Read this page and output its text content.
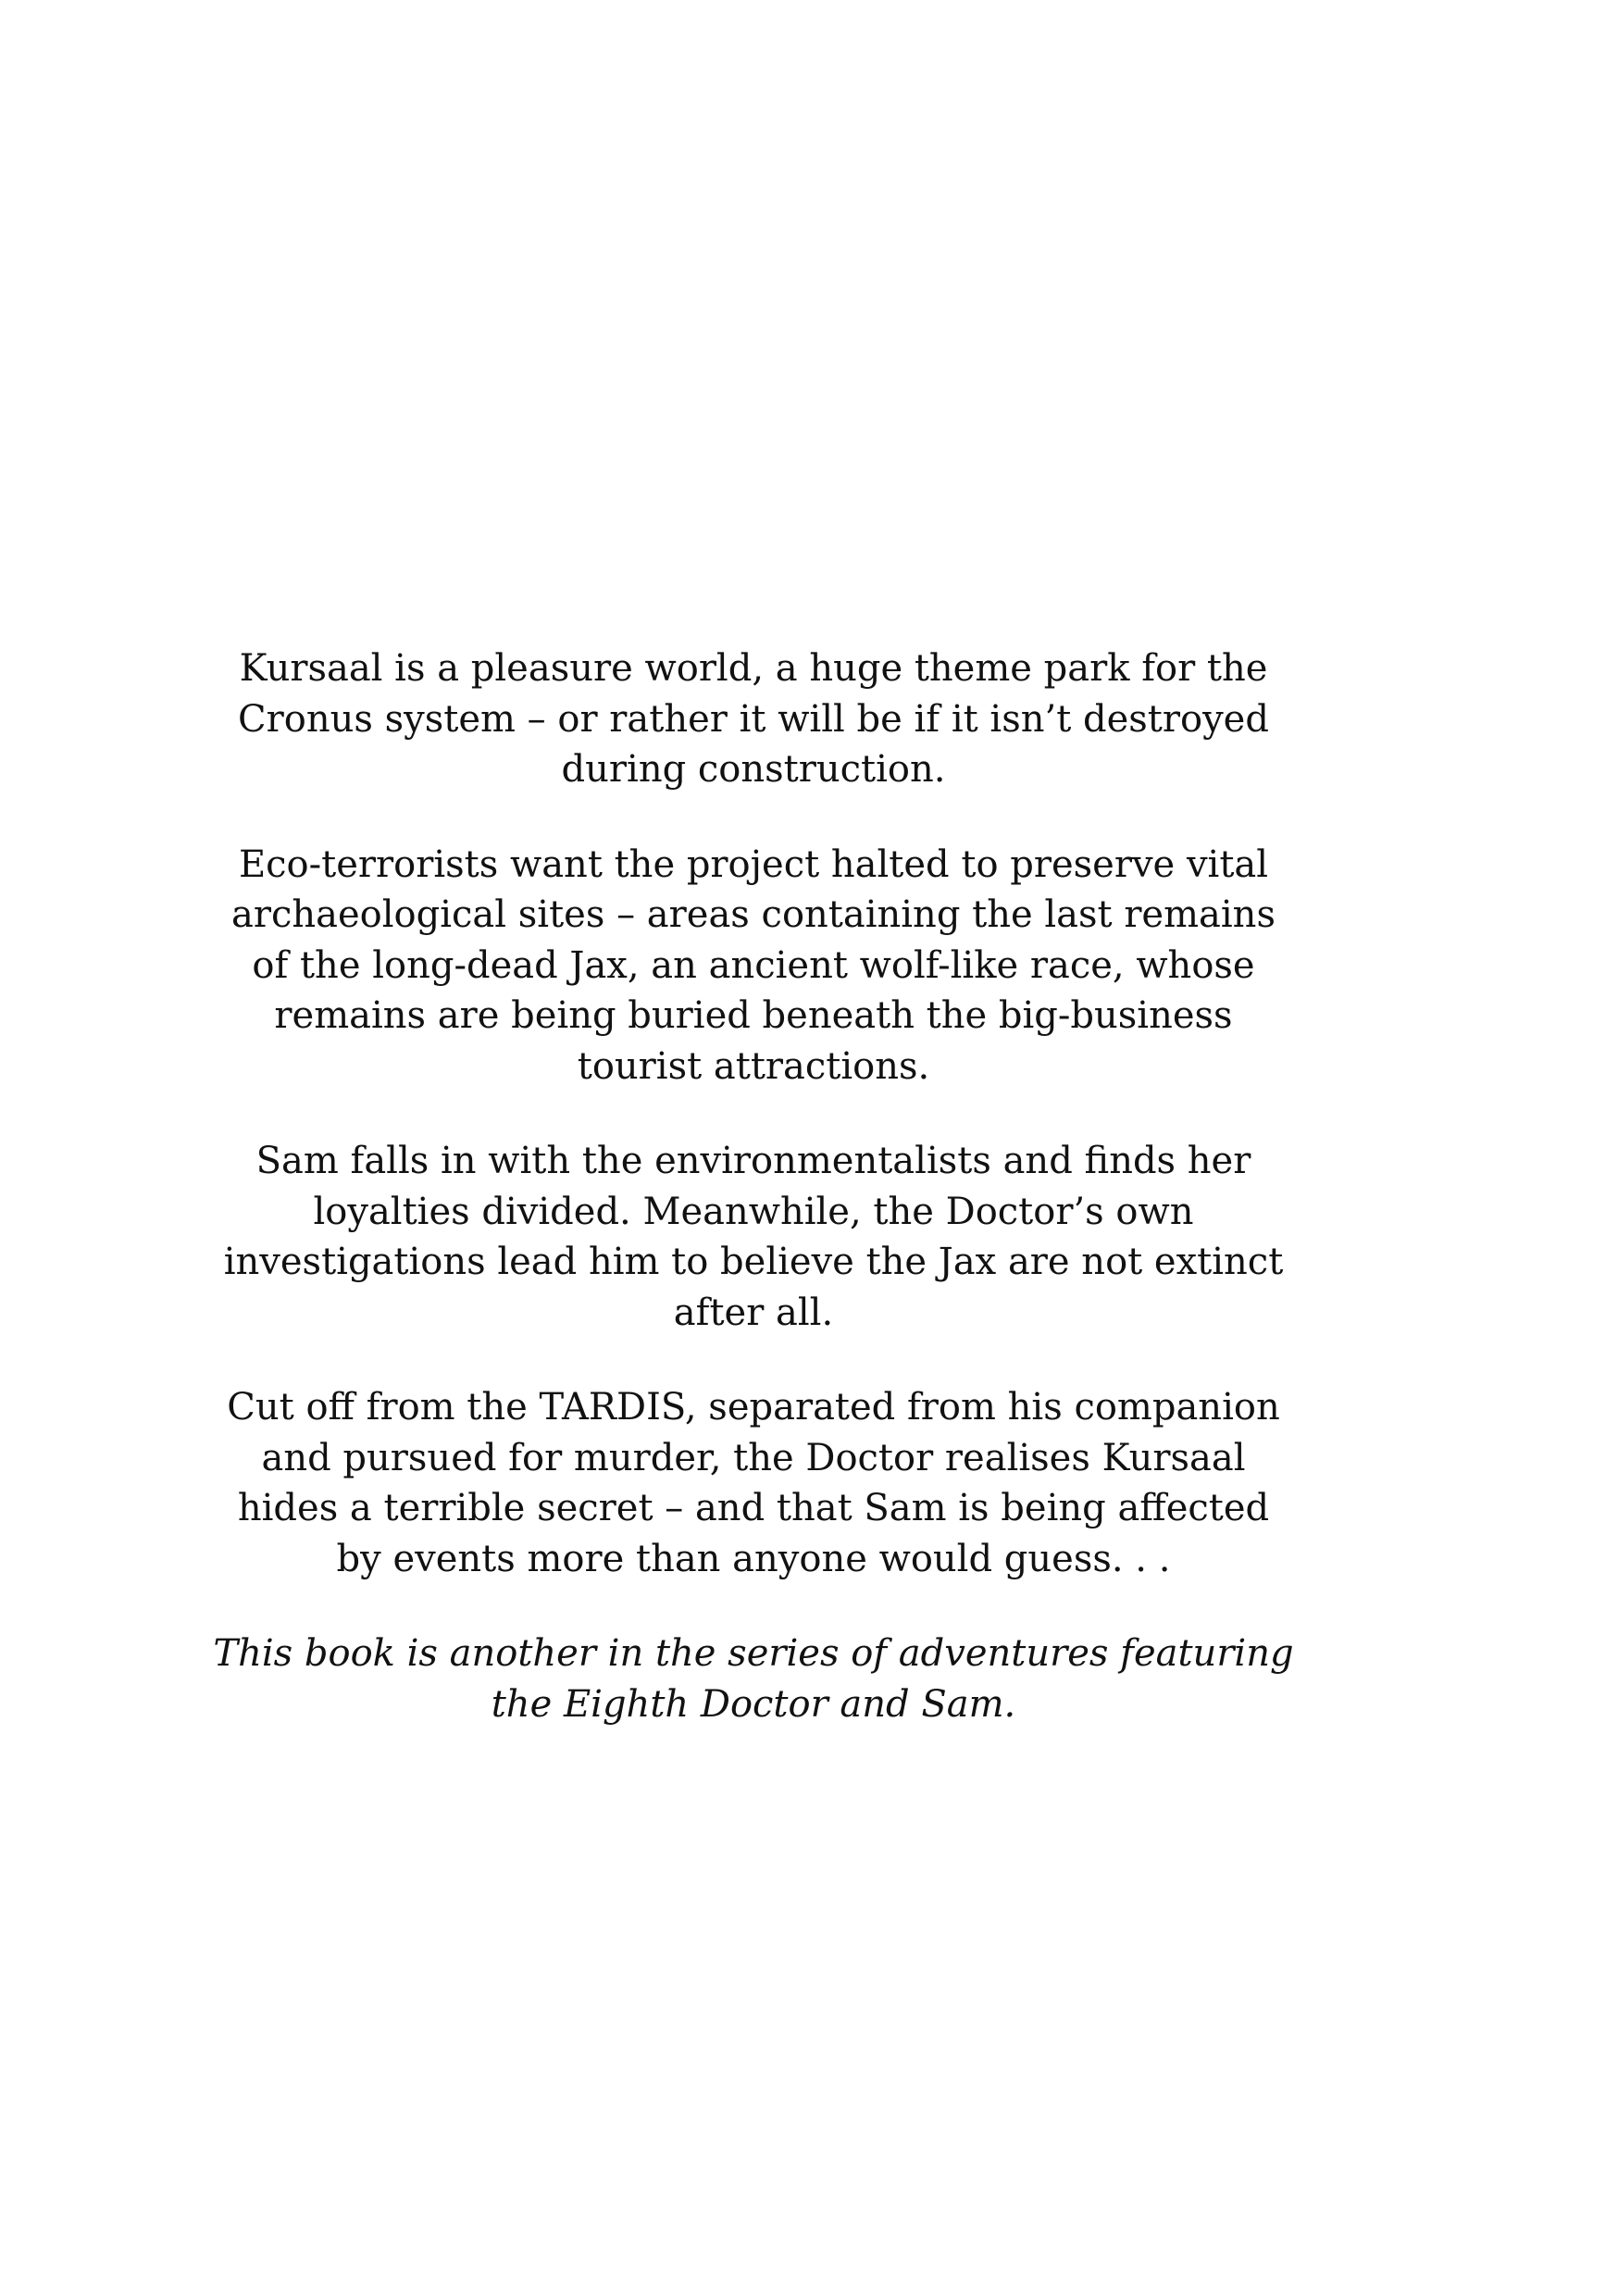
Kursaal is a pleasure world, a huge theme park for the Cronus system – or rather it will be if it isn’t destroyed during construction.

Eco-terrorists want the project halted to preserve vital archaeological sites – areas containing the last remains of the long-dead Jax, an ancient wolf-like race, whose remains are being buried beneath the big-business tourist attractions.

Sam falls in with the environmentalists and finds her loyalties divided. Meanwhile, the Doctor’s own investigations lead him to believe the Jax are not extinct after all.

Cut off from the TARDIS, separated from his companion and pursued for murder, the Doctor realises Kursaal hides a terrible secret – and that Sam is being affected by events more than anyone would guess. . .

This book is another in the series of adventures featuring the Eighth Doctor and Sam.
